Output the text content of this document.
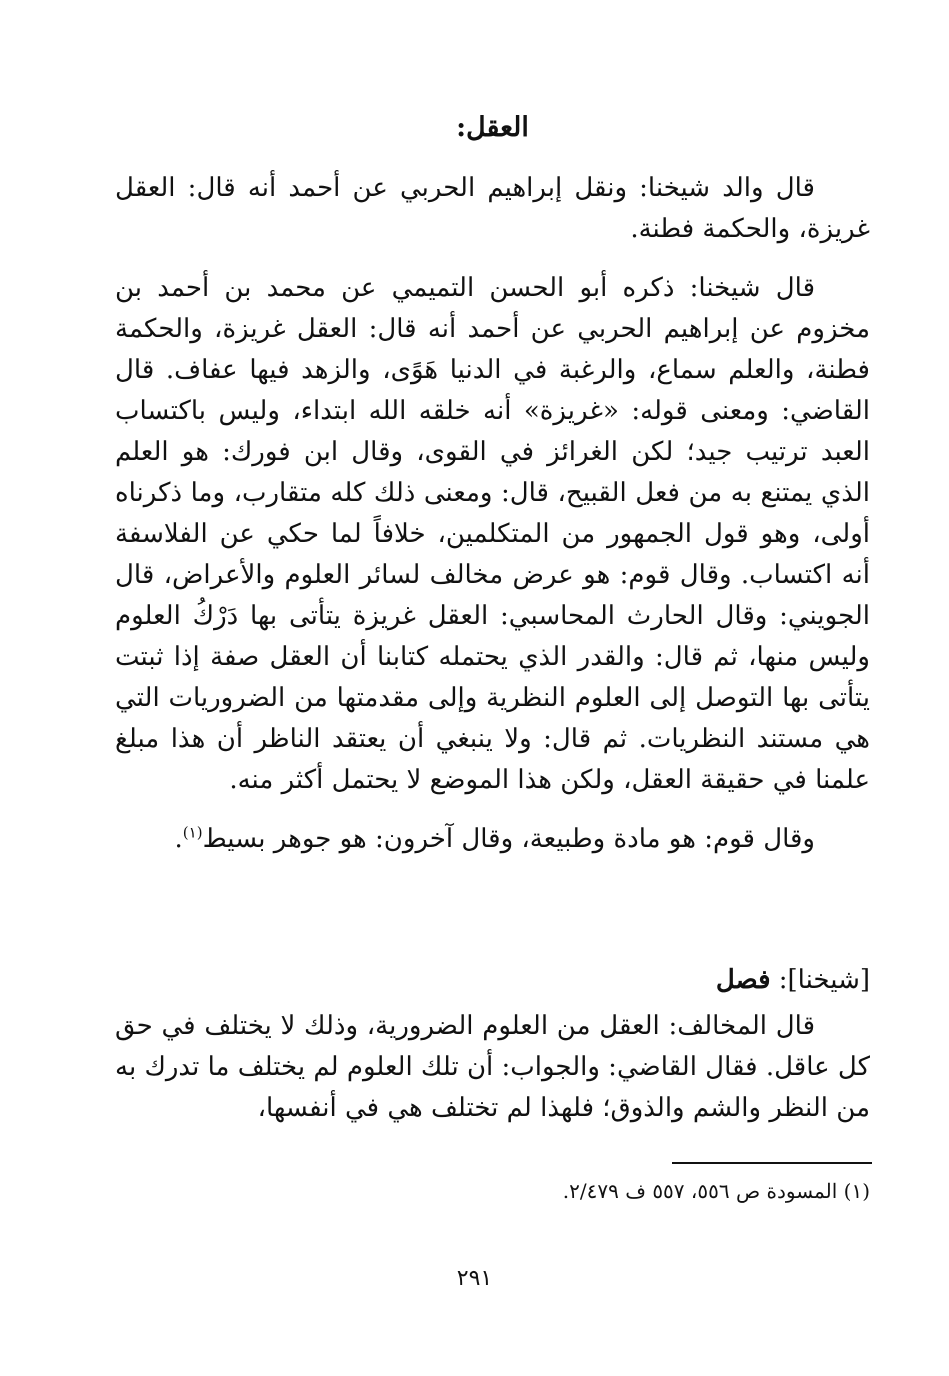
العقل:

قال والد شيخنا: ونقل إبراهيم الحربي عن أحمد أنه قال: العقل غريزة، والحكمة فطنة.

قال شيخنا: ذكره أبو الحسن التميمي عن محمد بن أحمد بن مخزوم عن إبراهيم الحربي عن أحمد أنه قال: العقل غريزة، والحكمة فطنة، والعلم سماع، والرغبة في الدنيا هَوًى، والزهد فيها عفاف. قال القاضي: ومعنى قوله: «غريزة» أنه خلقه الله ابتداء، وليس باكتساب العبد ترتيب جيد؛ لكن الغرائز في القوى، وقال ابن فورك: هو العلم الذي يمتنع به من فعل القبيح، قال: ومعنى ذلك كله متقارب، وما ذكرناه أولى، وهو قول الجمهور من المتكلمين، خلافاً لما حكي عن الفلاسفة أنه اكتساب. وقال قوم: هو عرض مخالف لسائر العلوم والأعراض، قال الجويني: وقال الحارث المحاسبي: العقل غريزة يتأتى بها دَرْكُ العلوم وليس منها، ثم قال: والقدر الذي يحتمله كتابنا أن العقل صفة إذا ثبتت يتأتى بها التوصل إلى العلوم النظرية وإلى مقدمتها من الضروريات التي هي مستند النظريات. ثم قال: ولا ينبغي أن يعتقد الناظر أن هذا مبلغ علمنا في حقيقة العقل، ولكن هذا الموضع لا يحتمل أكثر منه.

وقال قوم: هو مادة وطبيعة، وقال آخرون: هو جوهر بسيط$^{(١)}$.

[شيخنا]: فصل

قال المخالف: العقل من العلوم الضرورية، وذلك لا يختلف في حق كل عاقل. فقال القاضي: والجواب: أن تلك العلوم لم يختلف ما تدرك به من النظر والشم والذوق؛ فلهذا لم تختلف هي في أنفسها،

(١) المسودة ص ٥٥٦، ٥٥٧ ف ٢/٤٧٩.
٢٩١
